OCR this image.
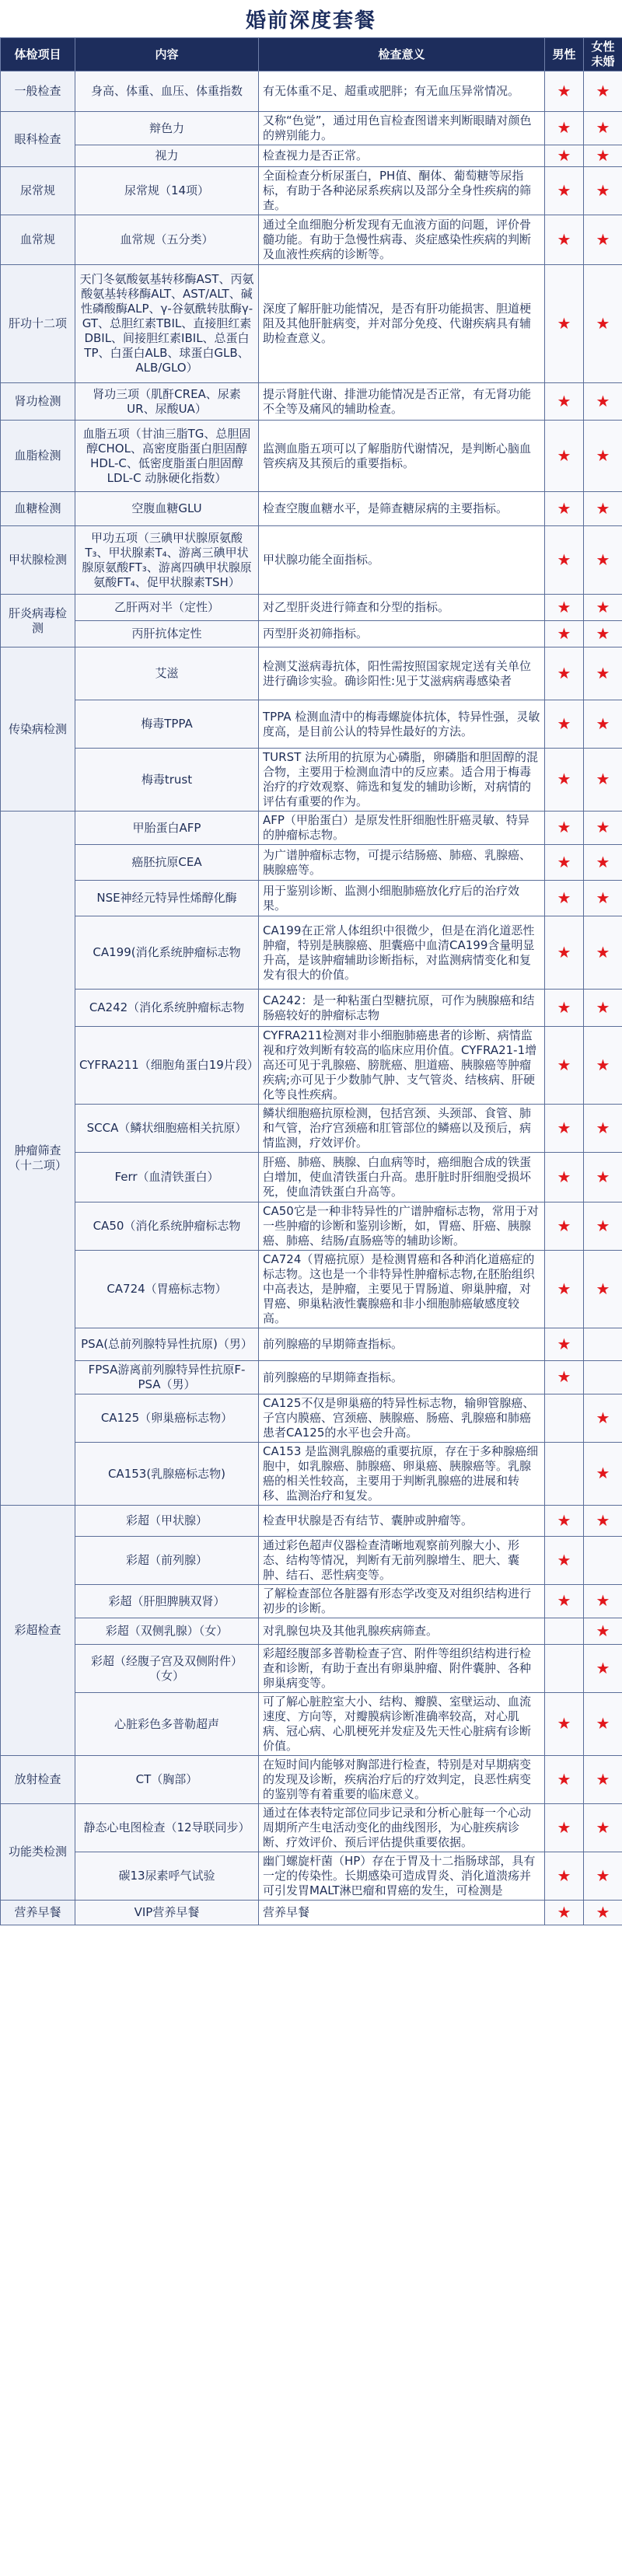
婚前深度套餐
体检项目	内容	检查意义	男性	女性未婚
一般检查	身高、体重、血压、体重指数	有无体重不足、超重或肥胖；有无血压异常情况。	★	★
眼科检查	辩色力	又称“色觉”，通过用色盲检查图谱来判断眼睛对颜色的辨别能力。	★	★
	视力	检查视力是否正常。	★	★
尿常规	尿常规（14项）	全面检查分析尿蛋白，PH值、酮体、葡萄糖等尿指标，有助于各种泌尿系疾病以及部分全身性疾病的筛查。	★	★
血常规	血常规（五分类）	通过全血细胞分析发现有无血液方面的问题，评价骨髓功能。有助于急慢性病毒、炎症感染性疾病的判断及血液性疾病的诊断等。	★	★
肝功十二项	天门冬氨酸氨基转移酶AST、丙氨酸氨基转移酶ALT、AST/ALT、碱性磷酸酶ALP、γ-谷氨酰转肽酶γ-GT、总胆红素TBIL、直接胆红素DBIL、间接胆红素IBIL、总蛋白TP、白蛋白ALB、球蛋白GLB、ALB/GLO）	深度了解肝脏功能情况，是否有肝功能损害、胆道梗阻及其他肝脏病变，并对部分免疫、代谢疾病具有辅助检查意义。	★	★
肾功检测	肾功三项（肌酐CREA、尿素UR、尿酸UA）	提示肾脏代谢、排泄功能情况是否正常，有无肾功能不全等及痛风的辅助检查。	★	★
血脂检测	血脂五项（甘油三脂TG、总胆固醇CHOL、高密度脂蛋白胆固醇HDL-C、低密度脂蛋白胆固醇LDL-C 动脉硬化指数）	监测血脂五项可以了解脂肪代谢情况，是判断心脑血管疾病及其预后的重要指标。	★	★
血糖检测	空腹血糖GLU	检查空腹血糖水平，是筛查糖尿病的主要指标。	★	★
甲状腺检测	甲功五项（三碘甲状腺原氨酸T₃、甲状腺素T₄、游离三碘甲状腺原氨酸FT₃、游离四碘甲状腺原氨酸FT₄、促甲状腺素TSH）	甲状腺功能全面指标。	★	★
肝炎病毒检测	乙肝两对半（定性）	对乙型肝炎进行筛查和分型的指标。	★	★
	丙肝抗体定性	丙型肝炎初筛指标。	★	★
传染病检测	艾滋	检测艾滋病毒抗体，阳性需按照国家规定送有关单位进行确诊实验。确诊阳性:见于艾滋病病毒感染者	★	★
	梅毒TPPA	TPPA 检测血清中的梅毒螺旋体抗体，特异性强，灵敏度高，是目前公认的特异性最好的方法。	★	★
	梅毒trust	TURST 法所用的抗原为心磷脂，卵磷脂和胆固醇的混合物，主要用于检测血清中的反应素。适合用于梅毒治疗的疗效观察、筛选和复发的辅助诊断，对病情的评估有重要的作为。	★	★
肿瘤筛查（十二项）	甲胎蛋白AFP	AFP（甲胎蛋白）是原发性肝细胞性肝癌灵敏、特异的肿瘤标志物。	★	★
	癌胚抗原CEA	为广谱肿瘤标志物，可提示结肠癌、肺癌、乳腺癌、胰腺癌等。	★	★
	NSE神经元特异性烯醇化酶	用于鉴别诊断、监测小细胞肺癌放化疗后的治疗效果。	★	★
	CA199(消化系统肿瘤标志物	CA199在正常人体组织中很微少，但是在消化道恶性肿瘤，特别是胰腺癌、胆囊癌中血清CA199含量明显升高，是该肿瘤辅助诊断指标，对监测病情变化和复发有很大的价值。	★	★
	CA242（消化系统肿瘤标志物	CA242：是一种粘蛋白型糖抗原，可作为胰腺癌和结肠癌较好的肿瘤标志物	★	★
	CYFRA211（细胞角蛋白19片段）	CYFRA211检测对非小细胞肺癌患者的诊断、病情监视和疗效判断有较高的临床应用价值。CYFRA21-1增高还可见于乳腺癌、膀胱癌、胆道癌、胰腺癌等肿瘤疾病;亦可见于少数肺气肿、支气管炎、结核病、肝硬化等良性疾病。	★	★
	SCCA（鳞状细胞癌相关抗原）	鳞状细胞癌抗原检测，包括宫颈、头颈部、食管、肺和气管，治疗宫颈癌和肛管部位的鳞癌以及预后，病情监测，疗效评价。	★	★
	Ferr（血清铁蛋白）	肝癌、肺癌、胰腺、白血病等时，癌细胞合成的铁蛋白增加，使血清铁蛋白升高。患肝脏时肝细胞受损坏死，使血清铁蛋白升高等。	★	★
	CA50（消化系统肿瘤标志物	CA50它是一种非特异性的广谱肿瘤标志物，常用于对一些肿瘤的诊断和鉴别诊断，如，胃癌、肝癌、胰腺癌、肺癌、结肠/直肠癌等的辅助诊断。	★	★
	CA724（胃癌标志物）	CA724（胃癌抗原）是检测胃癌和各种消化道癌症的标志物。这也是一个非特异性肿瘤标志物,在胚胎组织中高表达，是肿瘤，主要见于胃肠道、卵巢肿瘤，对胃癌、卵巢粘液性囊腺癌和非小细胞肺癌敏感度较高。	★	★
	PSA(总前列腺特异性抗原)（男）	前列腺癌的早期筛查指标。	★	
	FPSA游离前列腺特异性抗原F-PSA（男）	前列腺癌的早期筛查指标。	★	
	CA125（卵巢癌标志物）	CA125不仅是卵巢癌的特异性标志物，输卵管腺癌、子宫内膜癌、宫颈癌、胰腺癌、肠癌、乳腺癌和肺癌患者CA125的水平也会升高。		★
	CA153(乳腺癌标志物)	CA153 是监测乳腺癌的重要抗原，存在于多种腺癌细胞中，如乳腺癌、肺腺癌、卵巢癌、胰腺癌等。乳腺癌的相关性较高，主要用于判断乳腺癌的进展和转移、监测治疗和复发。		★
彩超检查	彩超（甲状腺）	检查甲状腺是否有结节、囊肿或肿瘤等。	★	★
	彩超（前列腺）	通过彩色超声仪器检查清晰地观察前列腺大小、形态、结构等情况，判断有无前列腺增生、肥大、囊肿、结石、恶性病变等。	★	
	彩超（肝胆脾胰双肾）	了解检查部位各脏器有形态学改变及对组织结构进行初步的诊断。	★	★
	彩超（双侧乳腺）（女）	对乳腺包块及其他乳腺疾病筛查。		★
	彩超（经腹子宫及双侧附件）（女）	彩超经腹部多普勒检查子宫、附件等组织结构进行检查和诊断，有助于查出有卵巢肿瘤、附件囊肿、各种卵巢病变等。		★
	心脏彩色多普勒超声	可了解心脏腔室大小、结构、瓣膜、室壁运动、血流速度、方向等，对瓣膜病诊断准确率较高，对心肌病、冠心病、心肌梗死并发症及先天性心脏病有诊断价值。	★	★
放射检查	CT（胸部）	在短时间内能够对胸部进行检查，特别是对早期病变的发现及诊断，疾病治疗后的疗效判定，良恶性病变的鉴别等有着重要的临床意义。	★	★
功能类检测	静态心电图检查（12导联同步）	通过在体表特定部位同步记录和分析心脏每一个心动周期所产生电活动变化的曲线图形，为心脏疾病诊断、疗效评价、预后评估提供重要依据。	★	★
	碳13尿素呼气试验	幽门螺旋杆菌（HP）存在于胃及十二指肠球部，具有一定的传染性。长期感染可造成胃炎、消化道溃疡并可引发胃MALT淋巴瘤和胃癌的发生，可检测是	★	★
营养早餐	VIP营养早餐	营养早餐	★	★
